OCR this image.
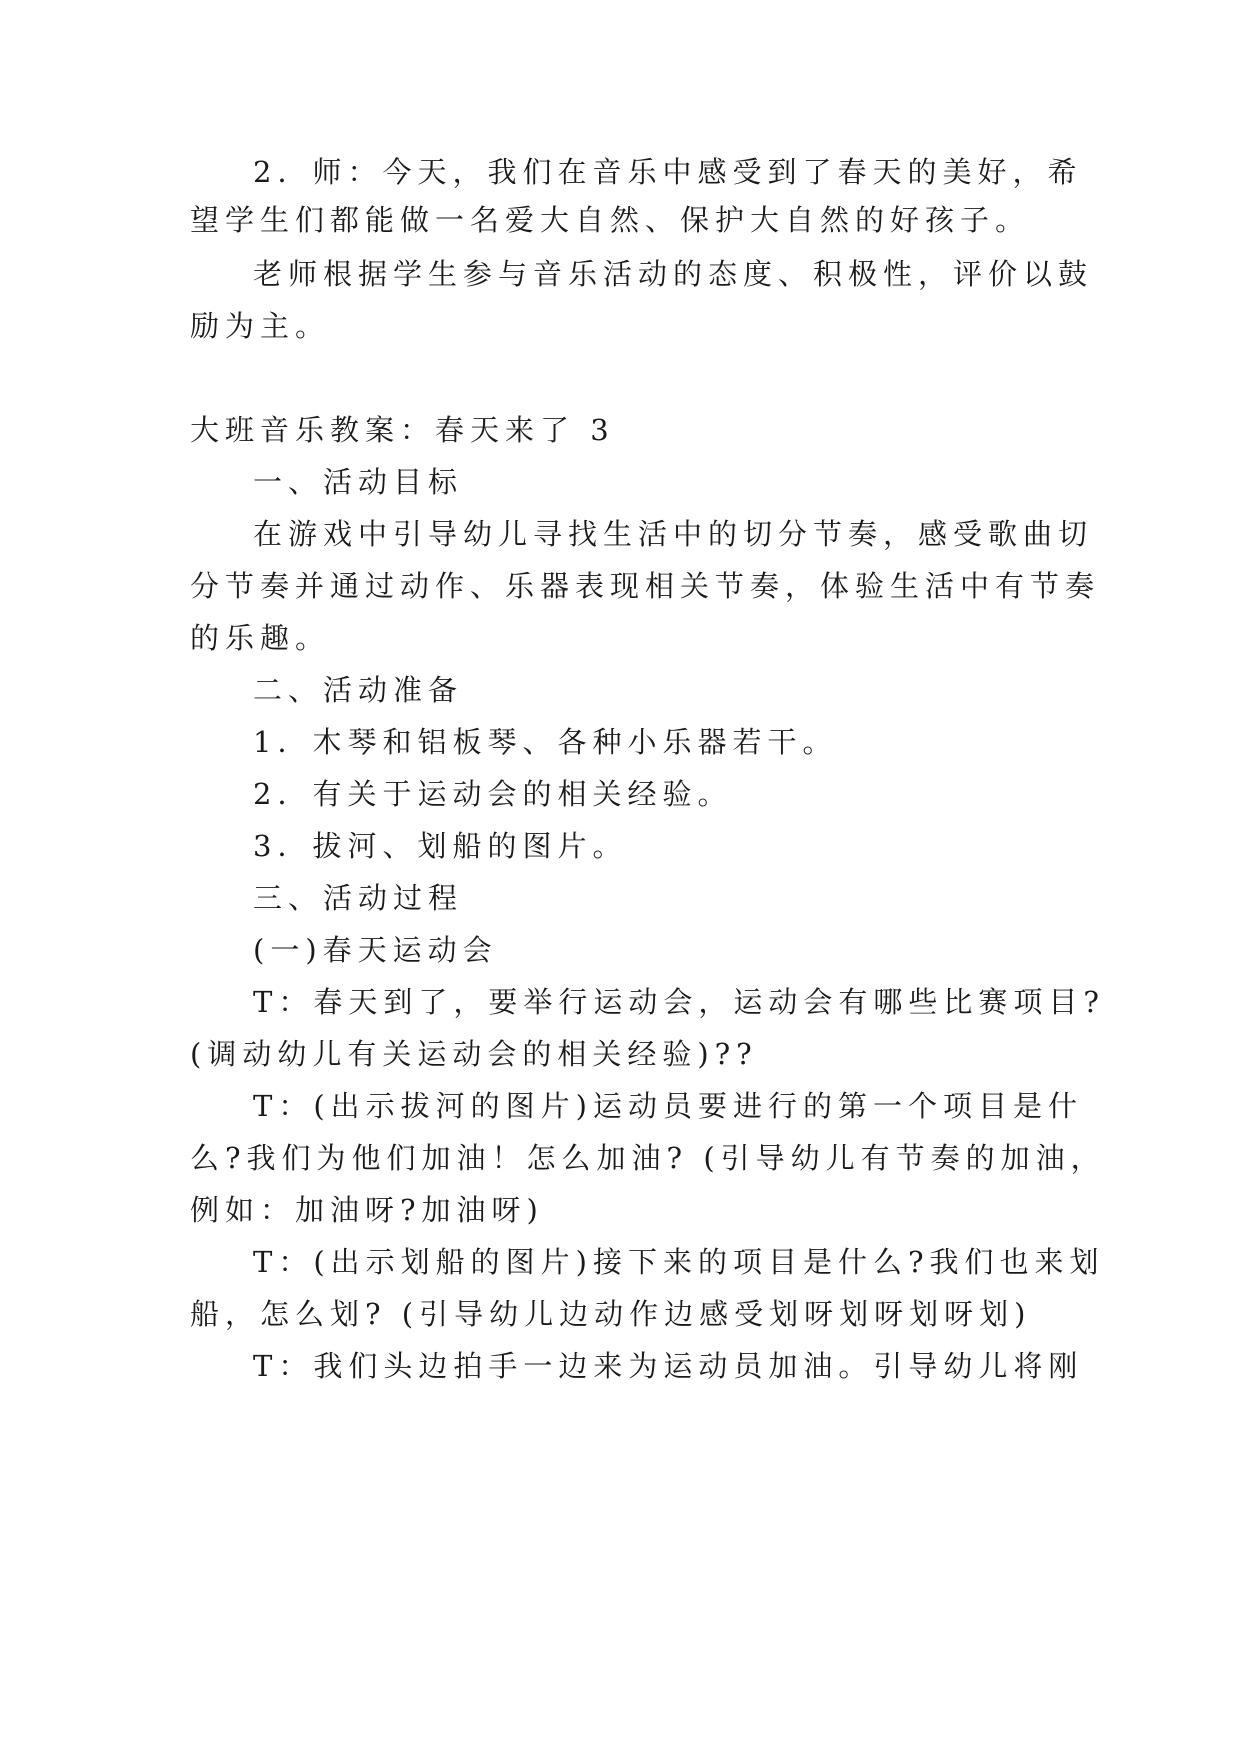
2．师：今天，我们在音乐中感受到了春天的美好，希
望学生们都能做一名爱大自然、保护大自然的好孩子。
老师根据学生参与音乐活动的态度、积极性，评价以鼓
励为主。
大班音乐教案：春天来了 3
一、活动目标
在游戏中引导幼儿寻找生活中的切分节奏，感受歌曲切
分节奏并通过动作、乐器表现相关节奏，体验生活中有节奏
的乐趣。
二、活动准备
1．木琴和铝板琴、各种小乐器若干。
2．有关于运动会的相关经验。
3．拔河、划船的图片。
三、活动过程
(一)春天运动会
T：春天到了，要举行运动会，运动会有哪些比赛项目?
(调动幼儿有关运动会的相关经验)??
T：(出示拔河的图片)运动员要进行的第一个项目是什
么?我们为他们加油！怎么加油? (引导幼儿有节奏的加油，
例如：加油呀?加油呀)
T：(出示划船的图片)接下来的项目是什么?我们也来划
船，怎么划? (引导幼儿边动作边感受划呀划呀划呀划)
T：我们头边拍手一边来为运动员加油。引导幼儿将刚
